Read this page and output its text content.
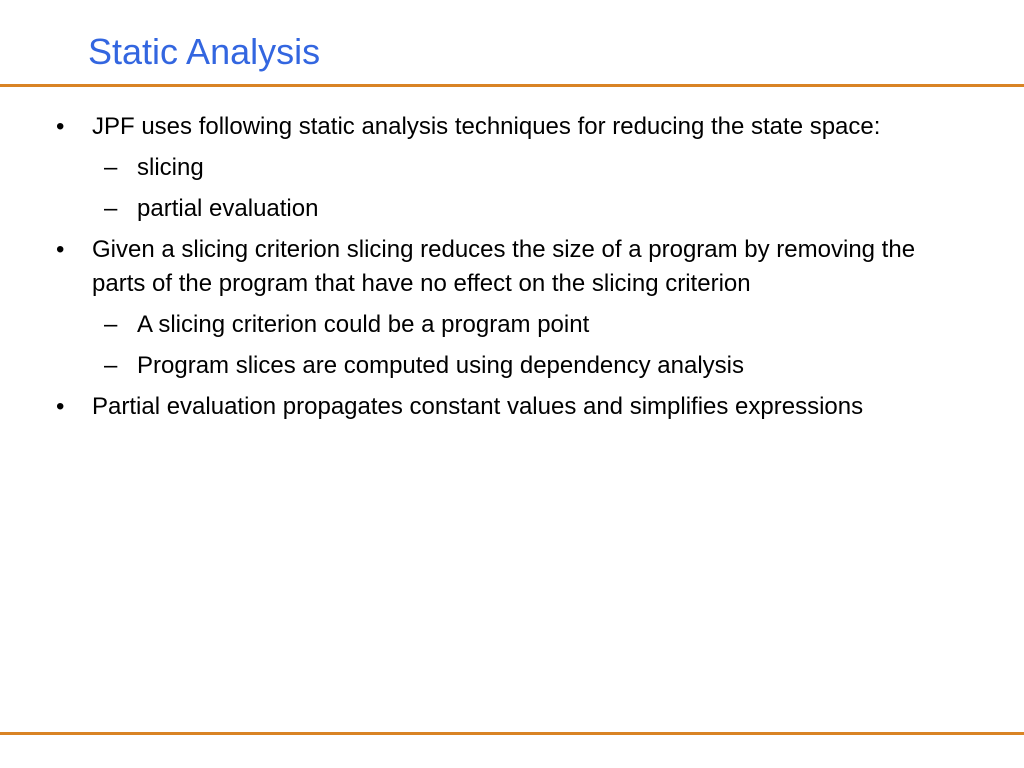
Static Analysis
• JPF uses following static analysis techniques for reducing the state space:
– slicing
– partial evaluation
• Given a slicing criterion slicing reduces the size of a program by removing the parts of the program that have no effect on the slicing criterion
– A slicing criterion could be a program point
– Program slices are computed using dependency analysis
• Partial evaluation propagates constant values and simplifies expressions
